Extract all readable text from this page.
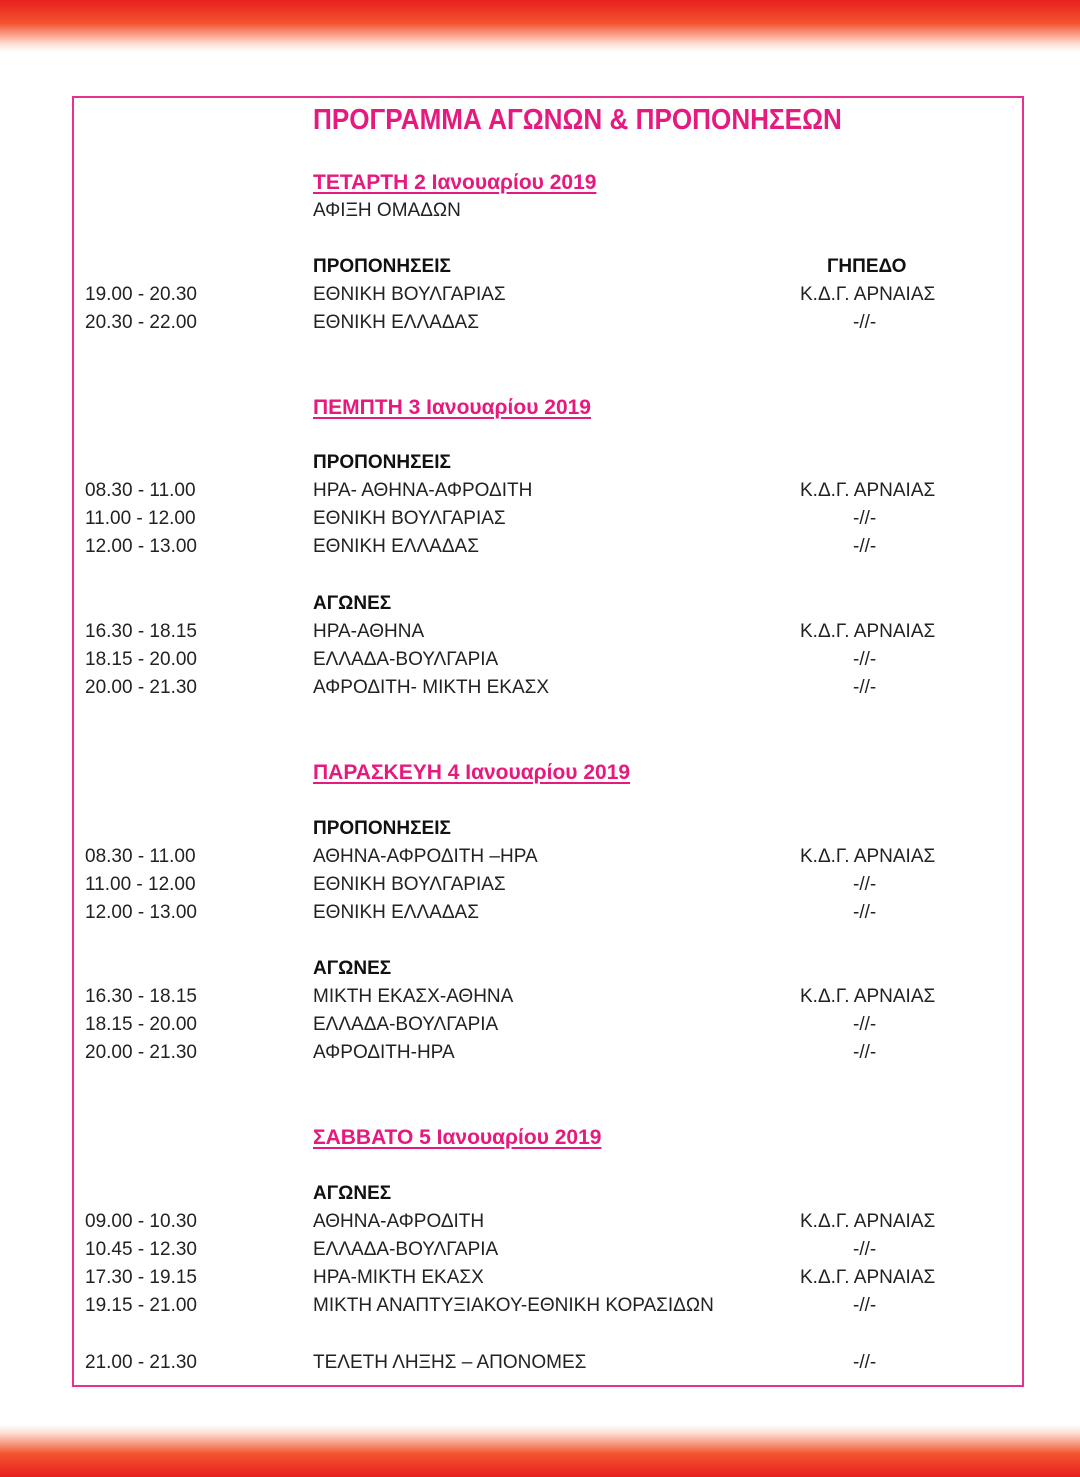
ΠΡΟΓΡΑΜΜΑ ΑΓΩΝΩΝ & ΠΡΟΠΟΝΗΣΕΩΝ
ΤΕΤΑΡΤΗ 2 Ιανουαρίου 2019
ΑΦΙΞΗ ΟΜΑΔΩΝ
ΠΡΟΠΟΝΗΣΕΙΣ	ΓΗΠΕΔΟ
19.00 - 20.30	ΕΘΝΙΚΗ ΒΟΥΛΓΑΡΙΑΣ	Κ.Δ.Γ. ΑΡΝΑΙΑΣ
20.30 - 22.00	ΕΘΝΙΚΗ ΕΛΛΑΔΑΣ	-//-
ΠΕΜΠΤΗ 3 Ιανουαρίου 2019
ΠΡΟΠΟΝΗΣΕΙΣ
08.30 - 11.00	ΗΡΑ- ΑΘΗΝΑ-ΑΦΡΟΔΙΤΗ	Κ.Δ.Γ. ΑΡΝΑΙΑΣ
11.00 - 12.00	ΕΘΝΙΚΗ ΒΟΥΛΓΑΡΙΑΣ	-//-
12.00 - 13.00	ΕΘΝΙΚΗ ΕΛΛΑΔΑΣ	-//-
ΑΓΩΝΕΣ
16.30 - 18.15	ΗΡΑ-ΑΘΗΝΑ	Κ.Δ.Γ. ΑΡΝΑΙΑΣ
18.15 - 20.00	ΕΛΛΑΔΑ-ΒΟΥΛΓΑΡΙΑ	-//-
20.00 - 21.30	ΑΦΡΟΔΙΤΗ- ΜΙΚΤΗ ΕΚΑΣΧ	-//-
ΠΑΡΑΣΚΕΥΗ 4 Ιανουαρίου 2019
ΠΡΟΠΟΝΗΣΕΙΣ
08.30 - 11.00	ΑΘΗΝΑ-ΑΦΡΟΔΙΤΗ –ΗΡΑ	Κ.Δ.Γ. ΑΡΝΑΙΑΣ
11.00 - 12.00	ΕΘΝΙΚΗ ΒΟΥΛΓΑΡΙΑΣ	-//-
12.00 - 13.00	ΕΘΝΙΚΗ ΕΛΛΑΔΑΣ	-//-
ΑΓΩΝΕΣ
16.30 - 18.15	ΜΙΚΤΗ ΕΚΑΣΧ-ΑΘΗΝΑ	Κ.Δ.Γ. ΑΡΝΑΙΑΣ
18.15 - 20.00	ΕΛΛΑΔΑ-ΒΟΥΛΓΑΡΙΑ	-//-
20.00 - 21.30	ΑΦΡΟΔΙΤΗ-ΗΡΑ	-//-
ΣΑΒΒΑΤΟ 5 Ιανουαρίου 2019
ΑΓΩΝΕΣ
09.00 - 10.30	ΑΘΗΝΑ-ΑΦΡΟΔΙΤΗ	Κ.Δ.Γ. ΑΡΝΑΙΑΣ
10.45 - 12.30	ΕΛΛΑΔΑ-ΒΟΥΛΓΑΡΙΑ	-//-
17.30 - 19.15	ΗΡΑ-ΜΙΚΤΗ ΕΚΑΣΧ	Κ.Δ.Γ. ΑΡΝΑΙΑΣ
19.15 - 21.00	ΜΙΚΤΗ ΑΝΑΠΤΥΞΙΑΚΟΥ-ΕΘΝΙΚΗ ΚΟΡΑΣΙΔΩΝ	-//-
21.00 - 21.30	ΤΕΛΕΤΗ ΛΗΞΗΣ – ΑΠΟΝΟΜΕΣ	-//-
